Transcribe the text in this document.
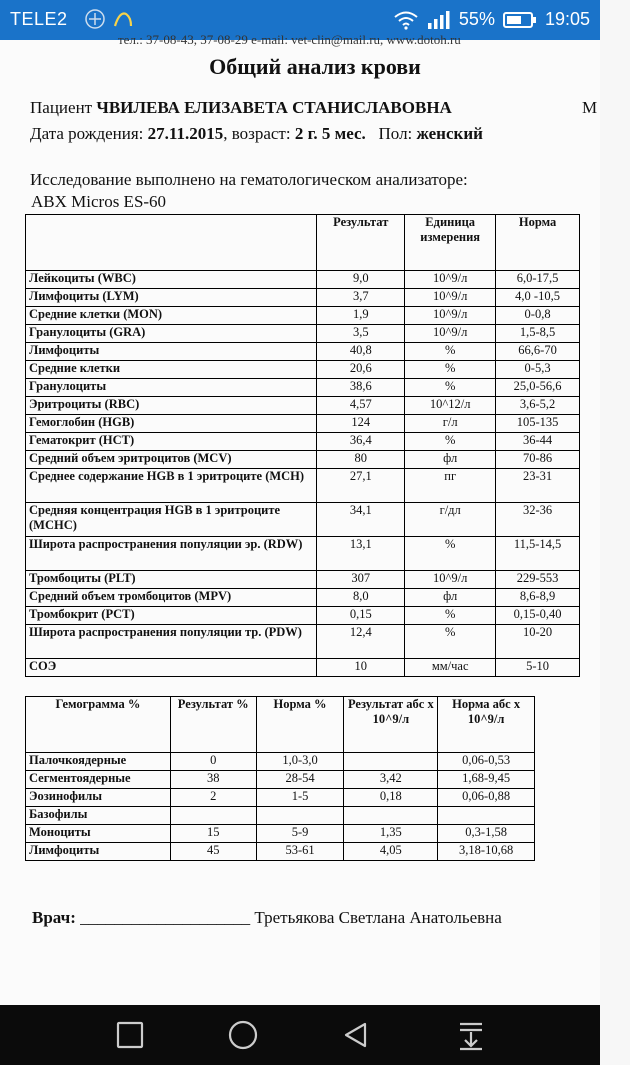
TELE2	55%	19:05
тел.: 37-08-43, 37-08-29 e-mail: vet-clin@mail.ru, www.dotoh.ru
Общий анализ крови
Пациент ЧВИЛЕВА ЕЛИЗАВЕТА СТАНИСЛАВОВНА	М
Дата рождения: 27.11.2015, возраст: 2 г. 5 мес. Пол: женский
Исследование выполнено на гематологическом анализаторе:
ABX Micros ES-60
	Результат	Единица измерения	Норма
Лейкоциты (WBC)	9,0	10^9/л	6,0-17,5
Лимфоциты (LYM)	3,7	10^9/л	4,0 -10,5
Средние клетки (MON)	1,9	10^9/л	0-0,8
Гранулоциты (GRA)	3,5	10^9/л	1,5-8,5
Лимфоциты	40,8	%	66,6-70
Средние клетки	20,6	%	0-5,3
Гранулоциты	38,6	%	25,0-56,6
Эритроциты (RBC)	4,57	10^12/л	3,6-5,2
Гемоглобин (HGB)	124	г/л	105-135
Гематокрит (HCT)	36,4	%	36-44
Средний объем эритроцитов (MCV)	80	фл	70-86
Среднее содержание HGB в 1 эритроците (MCH)	27,1	пг	23-31
Средняя концентрация HGB в 1 эритроците (MCHC)	34,1	г/дл	32-36
Широта распространения популяции эр. (RDW)	13,1	%	11,5-14,5
Тромбоциты (PLT)	307	10^9/л	229-553
Средний объем тромбоцитов (MPV)	8,0	фл	8,6-8,9
Тромбокрит (PCT)	0,15	%	0,15-0,40
Широта распространения популяции тр. (PDW)	12,4	%	10-20
СОЭ	10	мм/час	5-10
Гемограмма %	Результат %	Норма %	Результат абс х 10^9/л	Норма абс х 10^9/л
Палочкоядерные	0	1,0-3,0		0,06-0,53
Сегментоядерные	38	28-54	3,42	1,68-9,45
Эозинофилы	2	1-5	0,18	0,06-0,88
Базофилы				
Моноциты	15	5-9	1,35	0,3-1,58
Лимфоциты	45	53-61	4,05	3,18-10,68
Врач: ____________________ Третьякова Светлана Анатольевна
